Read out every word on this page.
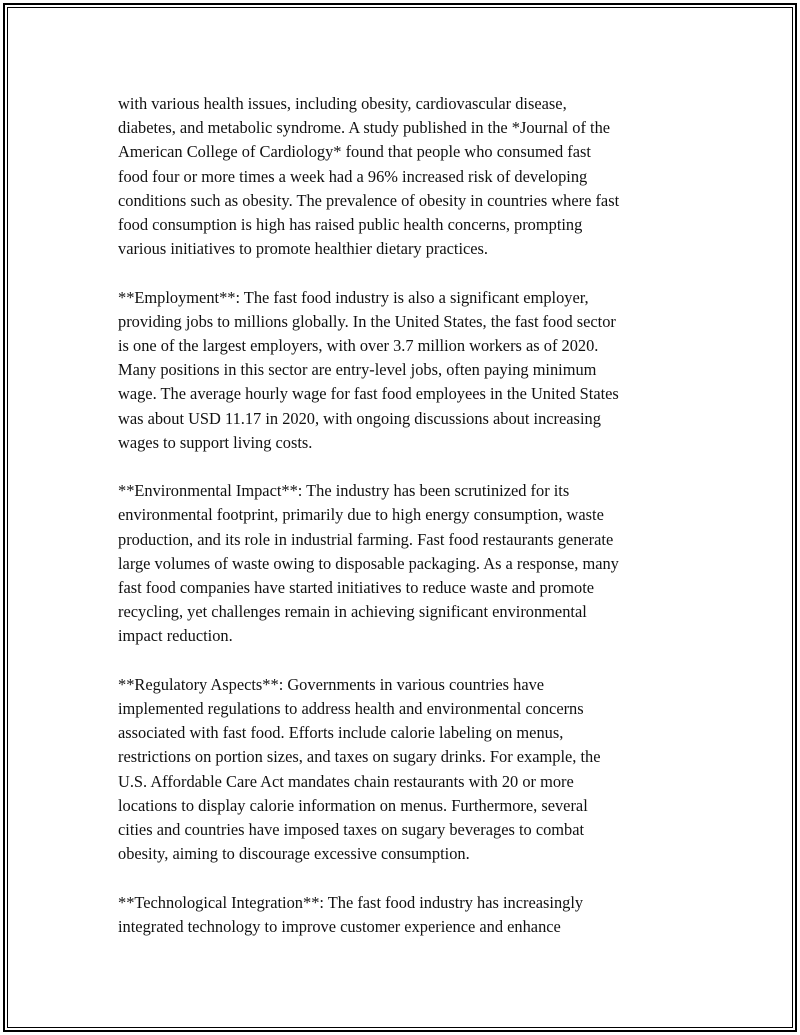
with various health issues, including obesity, cardiovascular disease,
diabetes, and metabolic syndrome. A study published in the *Journal of the
American College of Cardiology* found that people who consumed fast
food four or more times a week had a 96% increased risk of developing
conditions such as obesity. The prevalence of obesity in countries where fast
food consumption is high has raised public health concerns, prompting
various initiatives to promote healthier dietary practices.

**Employment**: The fast food industry is also a significant employer,
providing jobs to millions globally. In the United States, the fast food sector
is one of the largest employers, with over 3.7 million workers as of 2020.
Many positions in this sector are entry-level jobs, often paying minimum
wage. The average hourly wage for fast food employees in the United States
was about USD 11.17 in 2020, with ongoing discussions about increasing
wages to support living costs.

**Environmental Impact**: The industry has been scrutinized for its
environmental footprint, primarily due to high energy consumption, waste
production, and its role in industrial farming. Fast food restaurants generate
large volumes of waste owing to disposable packaging. As a response, many
fast food companies have started initiatives to reduce waste and promote
recycling, yet challenges remain in achieving significant environmental
impact reduction.

**Regulatory Aspects**: Governments in various countries have
implemented regulations to address health and environmental concerns
associated with fast food. Efforts include calorie labeling on menus,
restrictions on portion sizes, and taxes on sugary drinks. For example, the
U.S. Affordable Care Act mandates chain restaurants with 20 or more
locations to display calorie information on menus. Furthermore, several
cities and countries have imposed taxes on sugary beverages to combat
obesity, aiming to discourage excessive consumption.

**Technological Integration**: The fast food industry has increasingly
integrated technology to improve customer experience and enhance
